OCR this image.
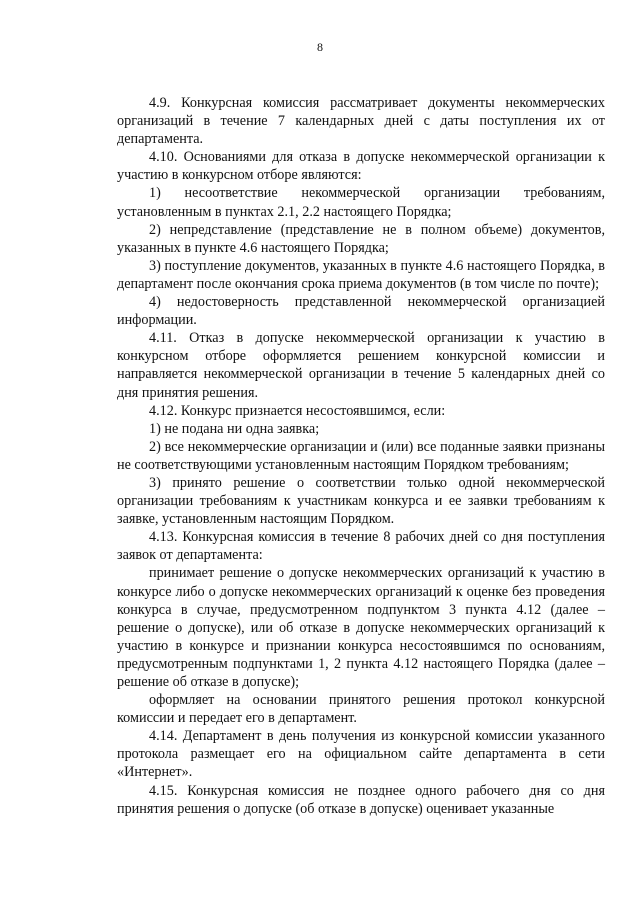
8

4.9. Конкурсная комиссия рассматривает документы некоммерческих организаций в течение 7 календарных дней с даты поступления их от департамента.

4.10. Основаниями для отказа в допуске некоммерческой организации к участию в конкурсном отборе являются:

1) несоответствие некоммерческой организации требованиям, установленным в пунктах 2.1, 2.2 настоящего Порядка;

2) непредставление (представление не в полном объеме) документов, указанных в пункте 4.6 настоящего Порядка;

3) поступление документов, указанных в пункте 4.6 настоящего Порядка, в департамент после окончания срока приема документов (в том числе по почте);

4) недостоверность представленной некоммерческой организацией информации.

4.11. Отказ в допуске некоммерческой организации к участию в конкурсном отборе оформляется решением конкурсной комиссии и направляется некоммерческой организации в течение 5 календарных дней со дня принятия решения.

4.12. Конкурс признается несостоявшимся, если:

1) не подана ни одна заявка;

2) все некоммерческие организации и (или) все поданные заявки признаны не соответствующими установленным настоящим Порядком требованиям;

3) принято решение о соответствии только одной некоммерческой организации требованиям к участникам конкурса и ее заявки требованиям к заявке, установленным настоящим Порядком.

4.13. Конкурсная комиссия в течение 8 рабочих дней со дня поступления заявок от департамента:

принимает решение о допуске некоммерческих организаций к участию в конкурсе либо о допуске некоммерческих организаций к оценке без проведения конкурса в случае, предусмотренном подпунктом 3 пункта 4.12 (далее – решение о допуске), или об отказе в допуске некоммерческих организаций к участию в конкурсе и признании конкурса несостоявшимся по основаниям, предусмотренным подпунктами 1, 2 пункта 4.12 настоящего Порядка (далее – решение об отказе в допуске);

оформляет на основании принятого решения протокол конкурсной комиссии и передает его в департамент.

4.14. Департамент в день получения из конкурсной комиссии указанного протокола размещает его на официальном сайте департамента в сети «Интернет».

4.15. Конкурсная комиссия не позднее одного рабочего дня со дня принятия решения о допуске (об отказе в допуске) оценивает указанные
